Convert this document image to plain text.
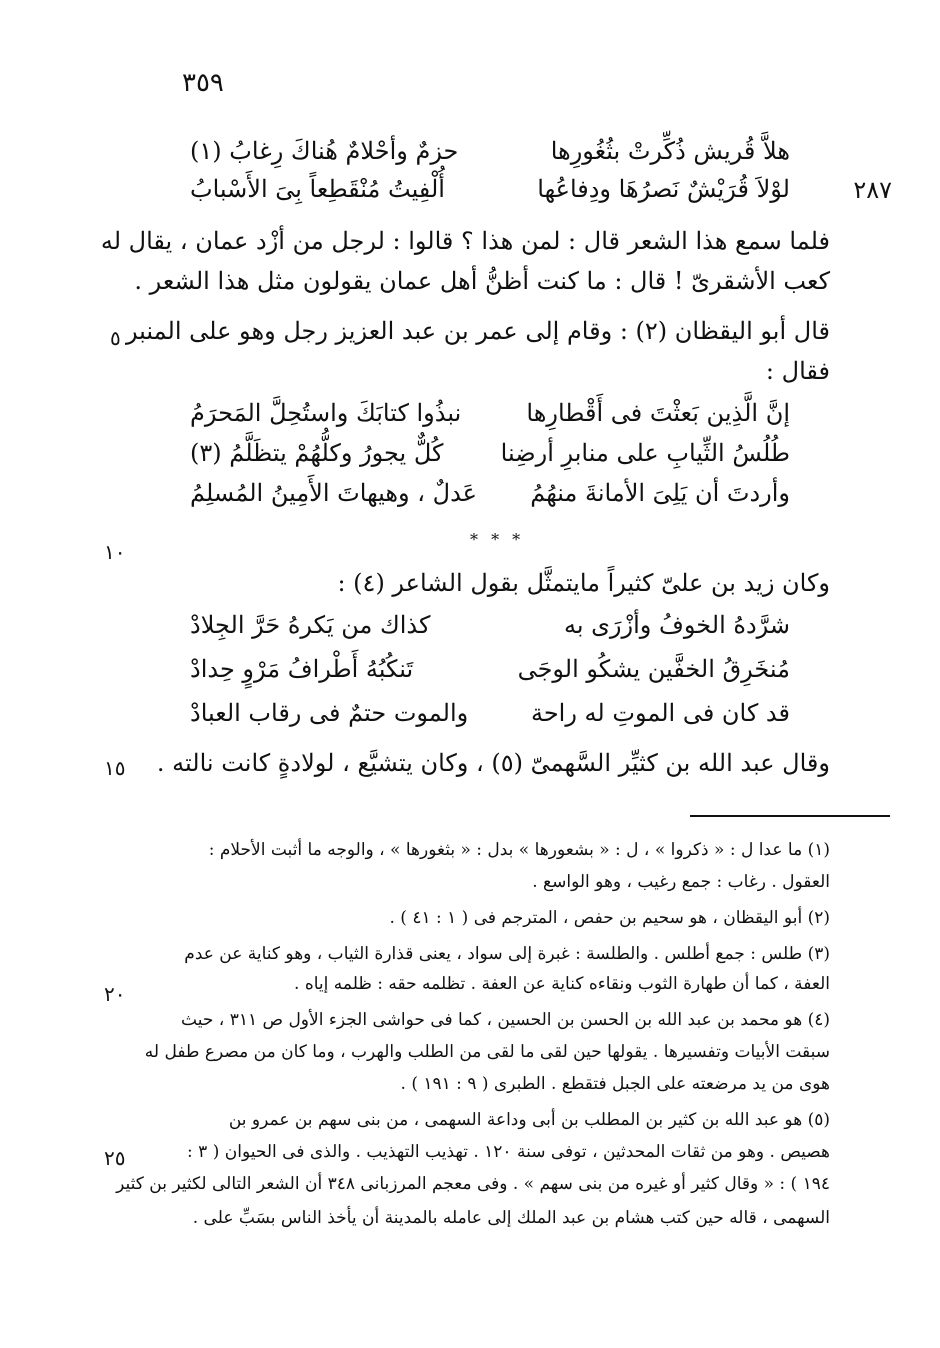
٣٥٩
هلاَّ قُريش ذُكِّرتْ بثُغُورِها
حزمٌ وأحْلامٌ هُناكَ رِغابُ (١)
لوْلاَ قُرَيْشٌ نَصرُهَا ودِفاعُها
أُلْفِيتُ مُنْقَطِعاً بِىَ الأَسْبابُ	٢٨٧
فلما سمع هذا الشعر قال : لمن هذا ؟ قالوا : لرجل من أزْد عمان ، يقال له
كعب الأشقرىّ ! قال : ما كنت أظنُّ أهل عمان يقولون مثل هذا الشعر .
قال أبو اليقظان (٢) : وقام إلى عمر بن عبد العزيز رجل وهو على المنبر
فقال :
٥
إنَّ الَّذِين بَعثْتَ فى أَقْطارِها
نبذُوا كتابَكَ واستُحِلَّ المَحرَمُ
طُلُسُ الثِّيابِ على منابرِ أرضِنا
كُلٌّ يجورُ وكلُّهُمْ يتظَلَّمُ (٣)
وأردتَ أن يَلِىَ الأمانةَ منهُمُ
عَدلٌ ، وهيهاتَ الأَمِينُ المُسلِمُ
* * *
١٠
وكان زيد بن علىّ كثيراً مايتمثَّل بقول الشاعر (٤) :
شرَّدهُ الخوفُ وأزْرَى به
كذاك من يَكرهُ حَرَّ الجِلادْ
مُنخَرِقُ الخفَّين يشكُو الوجَى
تَنكُبُهُ أَطْرافُ مَرْوٍ حِدادْ
قد كان فى الموتِ له راحة
والموت حتمٌ فى رقاب العبادْ
وقال عبد الله بن كثيِّر السَّهمىّ (٥) ، وكان يتشيَّع ، لولادةٍ كانت نالته .
١٥
(١) ما عدا ل : « ذكروا » ، ل : « بشعورها » بدل : « بثغورها » ، والوجه ما أثبت الأحلام :
العقول . رغاب : جمع رغيب ، وهو الواسع .
(٢) أبو اليقظان ، هو سحيم بن حفص ، المترجم فى ( ١ : ٤١ ) .
(٣) طلس : جمع أطلس . والطلسة : غبرة إلى سواد ، يعنى قذارة الثياب ، وهو كناية عن عدم
العفة ، كما أن طهارة الثوب ونقاءه كناية عن العفة . تظلمه حقه : ظلمه إياه .
(٤) هو محمد بن عبد الله بن الحسن بن الحسين ، كما فى حواشى الجزء الأول ص ٣١١ ، حيث
سبقت الأبيات وتفسيرها . يقولها حين لقى ما لقى من الطلب والهرب ، وما كان من مصرع طفل له
هوى من يد مرضعته على الجبل فتقطع . الطبرى ( ٩ : ١٩١ ) .
(٥) هو عبد الله بن كثير بن المطلب بن أبى وداعة السهمى ، من بنى سهم بن عمرو بن
هصيص . وهو من ثقات المحدثين ، توفى سنة ١٢٠ . تهذيب التهذيب . والذى فى الحيوان ( ٣ :
١٩٤ ) : « وقال كثير أو غيره من بنى سهم » . وفى معجم المرزبانى ٣٤٨ أن الشعر التالى لكثير بن كثير
السهمى ، قاله حين كتب هشام بن عبد الملك إلى عامله بالمدينة أن يأخذ الناس بسَبِّ على .
٢٠
٢٥
